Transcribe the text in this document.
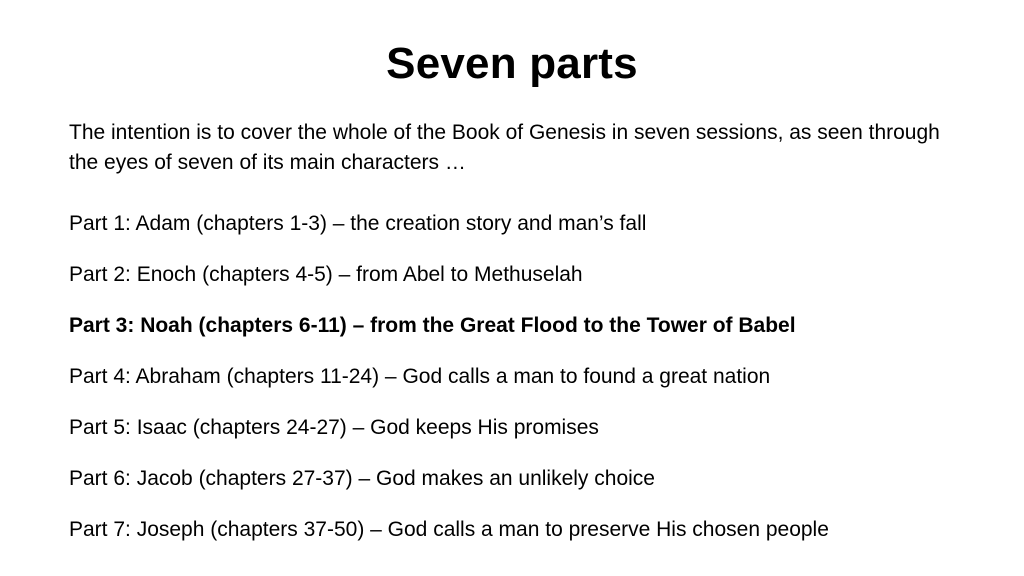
Seven parts

The intention is to cover the whole of the Book of Genesis in seven sessions, as seen through the eyes of seven of its main characters …

Part 1: Adam (chapters 1-3) – the creation story and man’s fall
Part 2: Enoch (chapters 4-5) – from Abel to Methuselah
Part 3: Noah (chapters 6-11) – from the Great Flood to the Tower of Babel
Part 4: Abraham (chapters 11-24) – God calls a man to found a great nation
Part 5: Isaac (chapters 24-27) – God keeps His promises
Part 6: Jacob (chapters 27-37) – God makes an unlikely choice
Part 7: Joseph (chapters 37-50) – God calls a man to preserve His chosen people
